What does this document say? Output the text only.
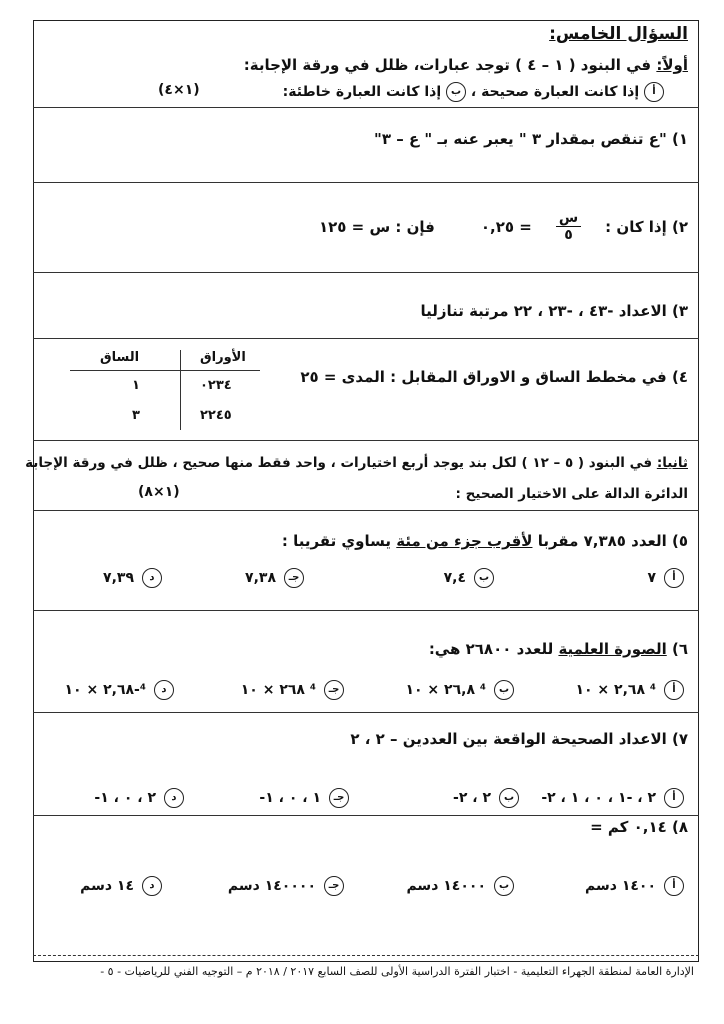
السؤال الخامس:
أولاً: في البنود ( ١ – ٤ ) توجد عبارات، ظلل في ورقة الإجابة:
أ إذا كانت العبارة صحيحة ، ب إذا كانت العبارة خاطئة:
(١×٤)
١) "ع تنقص بمقدار ٣ " يعبر عنه بـ " ع – ٣"
٢) إذا كان :
س
٥
= ٠,٢٥
فإن : س = ١٢٥
٣) الاعداد -٤٣ ، -٢٣ ، ٢٢ مرتبة تنازليا
٤) في مخطط الساق و الاوراق المقابل : المدى = ٢٥
الأوراق
الساق
٠٢٣٤
١
٢٢٤٥
٣
ثانيا: في البنود ( ٥ – ١٢ ) لكل بند يوجد أربع اختيارات ، واحد فقط منها صحيح ، ظلل في ورقة الإجابة
الدائرة الدالة على الاختيار الصحيح :
(١×٨)
٥) العدد ٧,٣٨٥ مقربا لأقرب جزء من مئة يساوي تقريبا :
أ
٧
ب
٧,٤
جـ
٧,٣٨
د
٧,٣٩
٦) الصورة العلمية للعدد ٢٦٨٠٠ هي:
أ
٢,٦٨ × ١٠ ⁴
ب
٢٦,٨ × ١٠ ⁴
جـ
٢٦٨ × ١٠ ⁴
د
٢,٦٨ × ١٠-⁴
٧) الاعداد الصحيحة الواقعة بين العددين – ٢ ، ٢
أ
-٢ ، -١ ، ٠ ، ١ ، ٢
ب
-٢ ، ٢
جـ
-١ ، ٠ ، ١
د
-٢ ، ٠ ، ١
٨) ٠,١٤ كم =
أ
١٤٠٠ دسم
ب
١٤٠٠٠ دسم
جـ
١٤٠٠٠٠ دسم
د
١٤ دسم
الإدارة العامة لمنطقة الجهراء التعليمية - اختبار الفترة الدراسية الأولى للصف السابع ٢٠١٧ / ٢٠١٨ م – التوجيه الفني للرياضيات - ٥ -
